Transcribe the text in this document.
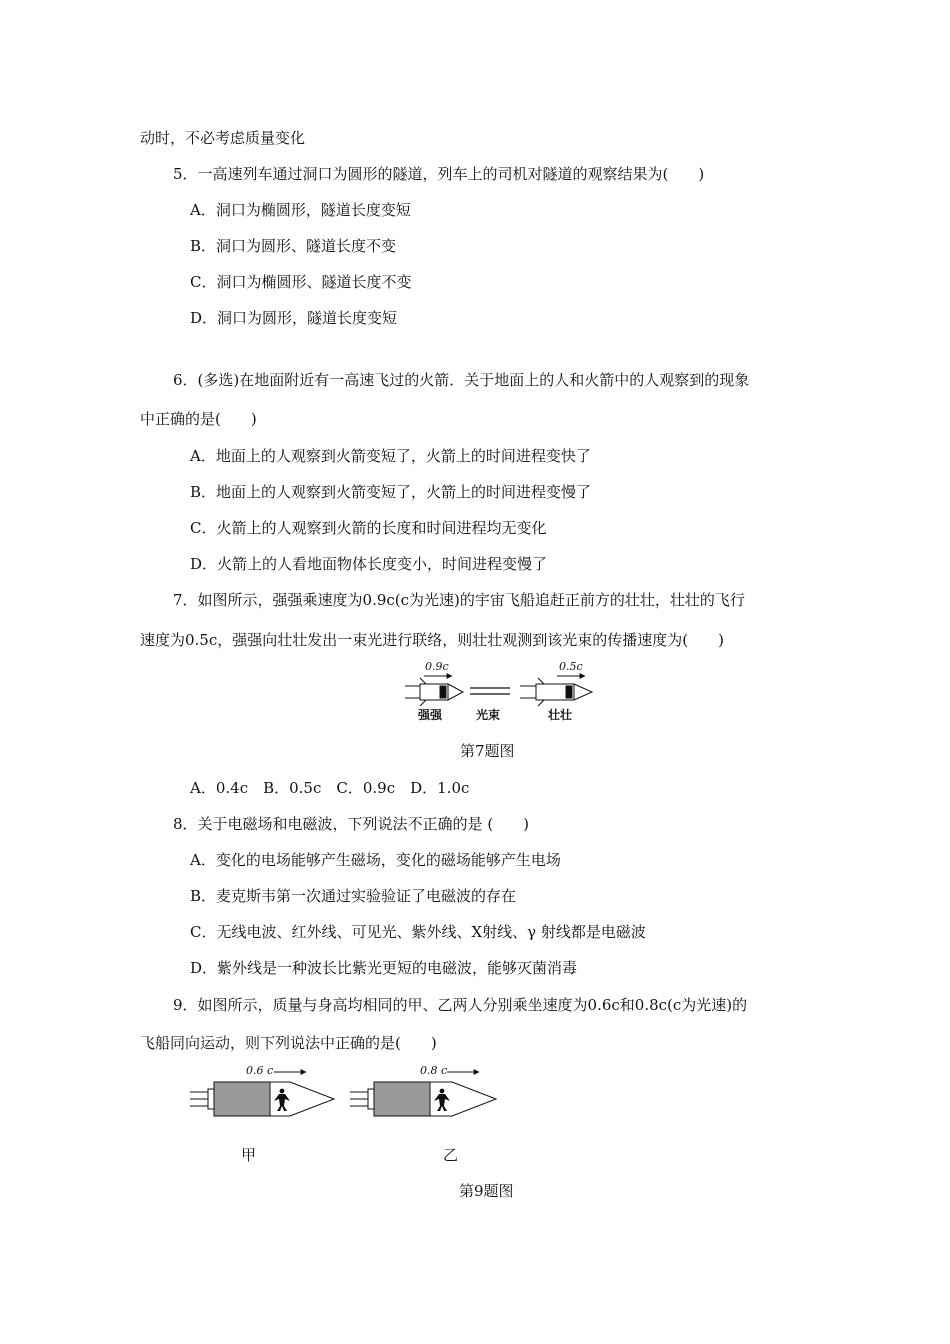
动时，不必考虑质量变化
5．一高速列车通过洞口为圆形的隧道，列车上的司机对隧道的观察结果为(　　)
A．洞口为椭圆形，隧道长度变短
B．洞口为圆形、隧道长度不变
C．洞口为椭圆形、隧道长度不变
D．洞口为圆形，隧道长度变短
6．(多选)在地面附近有一高速飞过的火箭．关于地面上的人和火箭中的人观察到的现象
中正确的是(　　)
A．地面上的人观察到火箭变短了，火箭上的时间进程变快了
B．地面上的人观察到火箭变短了，火箭上的时间进程变慢了
C．火箭上的人观察到火箭的长度和时间进程均无变化
D．火箭上的人看地面物体长度变小，时间进程变慢了
7．如图所示，强强乘速度为0.9c(c为光速)的宇宙飞船追赶正前方的壮壮，壮壮的飞行
速度为0.5c，强强向壮壮发出一束光进行联络，则壮壮观测到该光束的传播速度为(　　)
0.9c	0.5c
强强	光束	壮壮
第7题图
A．0.4c　B．0.5c　C．0.9c　D．1.0c
8．关于电磁场和电磁波，下列说法不正确的是 (　　)
A．变化的电场能够产生磁场，变化的磁场能够产生电场
B．麦克斯韦第一次通过实验验证了电磁波的存在
C．无线电波、红外线、可见光、紫外线、X射线、γ 射线都是电磁波
D．紫外线是一种波长比紫光更短的电磁波，能够灭菌消毒
9．如图所示，质量与身高均相同的甲、乙两人分别乘坐速度为0.6c和0.8c(c为光速)的
飞船同向运动，则下列说法中正确的是(　　)
0.6 c	0.8 c
甲	乙
第9题图
